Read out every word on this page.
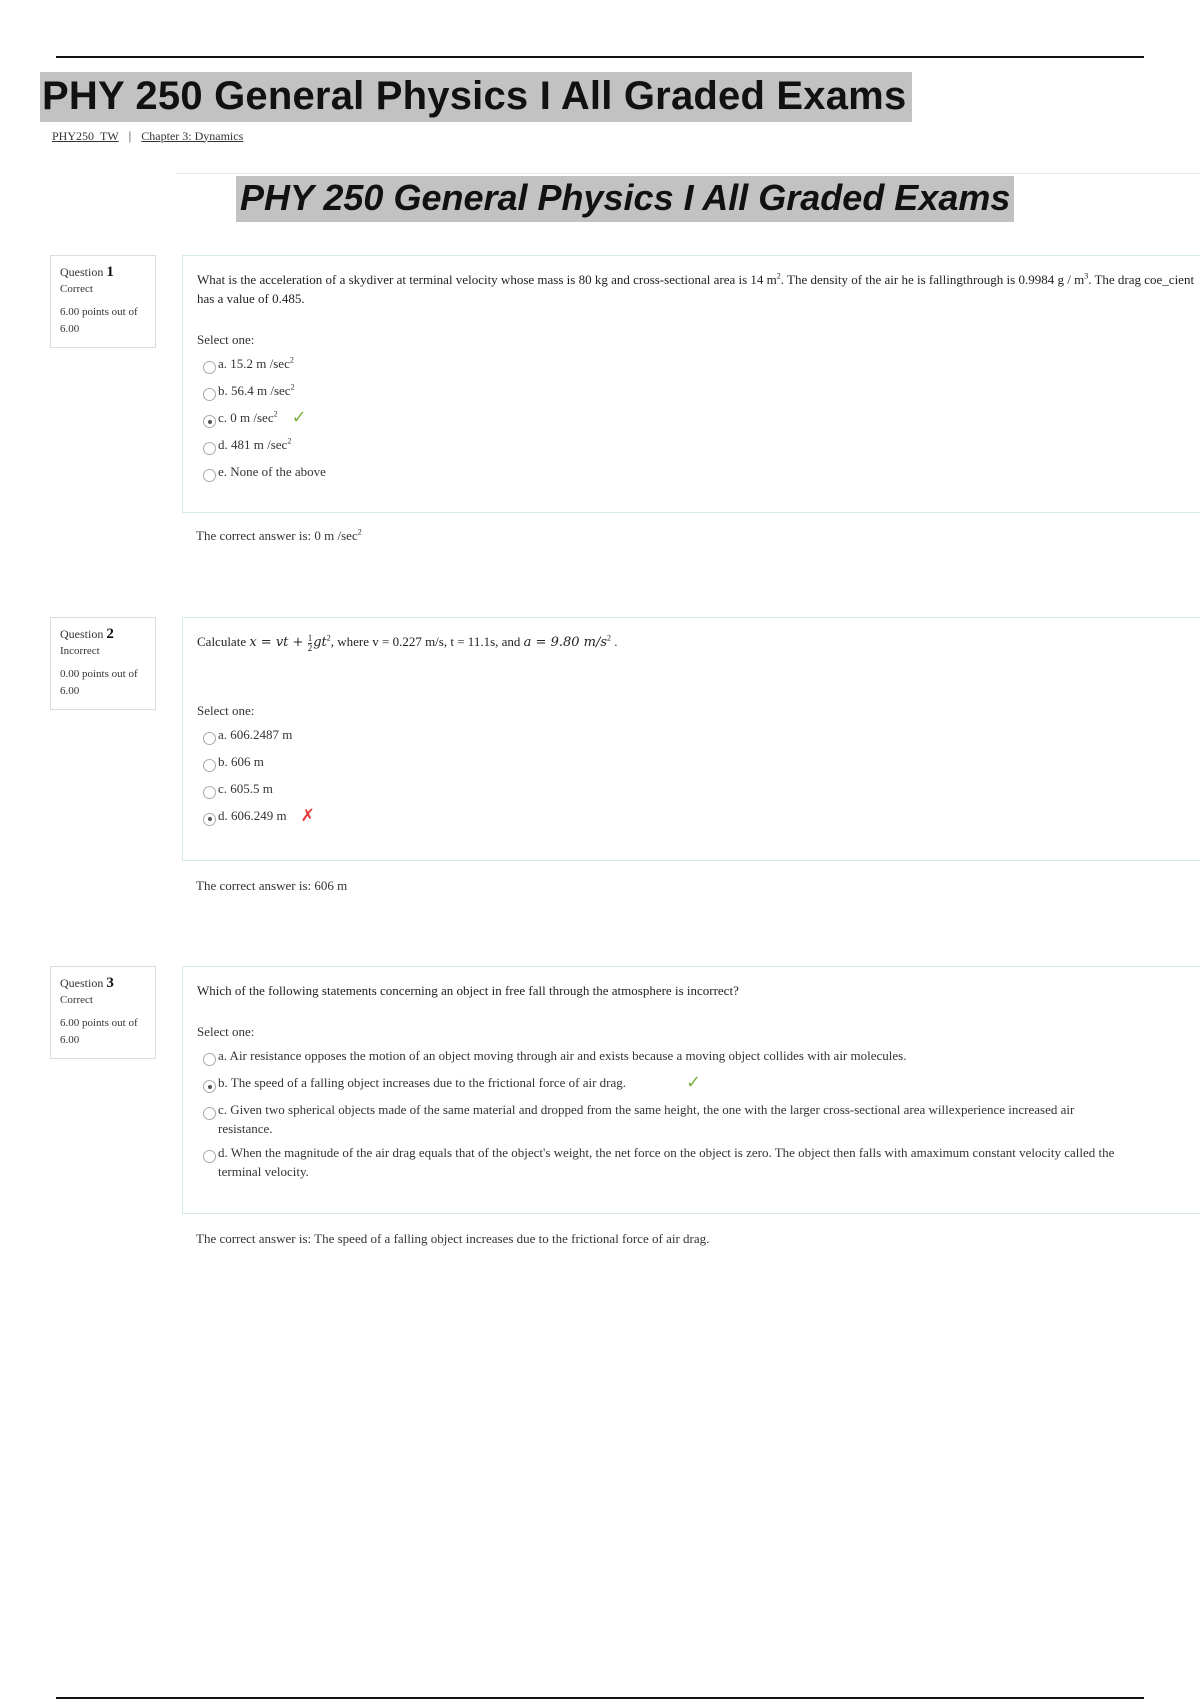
PHY 250 General Physics I All Graded Exams
PHY250_TW | Chapter 3: Dynamics
PHY 250 General Physics I All Graded Exams
Question 1
Correct
6.00 points out of 6.00

What is the acceleration of a skydiver at terminal velocity whose mass is 80 kg and cross-sectional area is 14 $m^2$. The density of the air he is fallingthrough is 0.9984 g / $m^3$. The drag coe_cient has a value of 0.485.

Select one:
a. 15.2 m $/\sec^2$
b. 56.4 m $/\sec^2$
c. 0 m $/\sec^2$ ✓
d. 481 m $/\sec^2$
e. None of the above
The correct answer is: 0 m $/\sec^2$
Question 2
Incorrect
0.00 points out of 6.00

Calculate x = vt + $\frac{1}{2} gt^2$, where v = 0.227 m/s, t = 11.1s, and a = 9.80 $m/s^2$ .

Select one:
a. 606.2487 m
b. 606 m
c. 605.5 m
d. 606.249 m ✗
The correct answer is: 606 m
Question 3
Correct
6.00 points out of 6.00

Which of the following statements concerning an object in free fall through the atmosphere is incorrect?

Select one:
a. Air resistance opposes the motion of an object moving through air and exists because a moving object collides with air molecules.
b. The speed of a falling object increases due to the frictional force of air drag.	✓
c. Given two spherical objects made of the same material and dropped from the same height, the one with the larger cross-sectional area willexperience increased air resistance.
d. When the magnitude of the air drag equals that of the object's weight, the net force on the object is zero. The object then falls with amaximum constant velocity called the terminal velocity.
The correct answer is: The speed of a falling object increases due to the frictional force of air drag.
